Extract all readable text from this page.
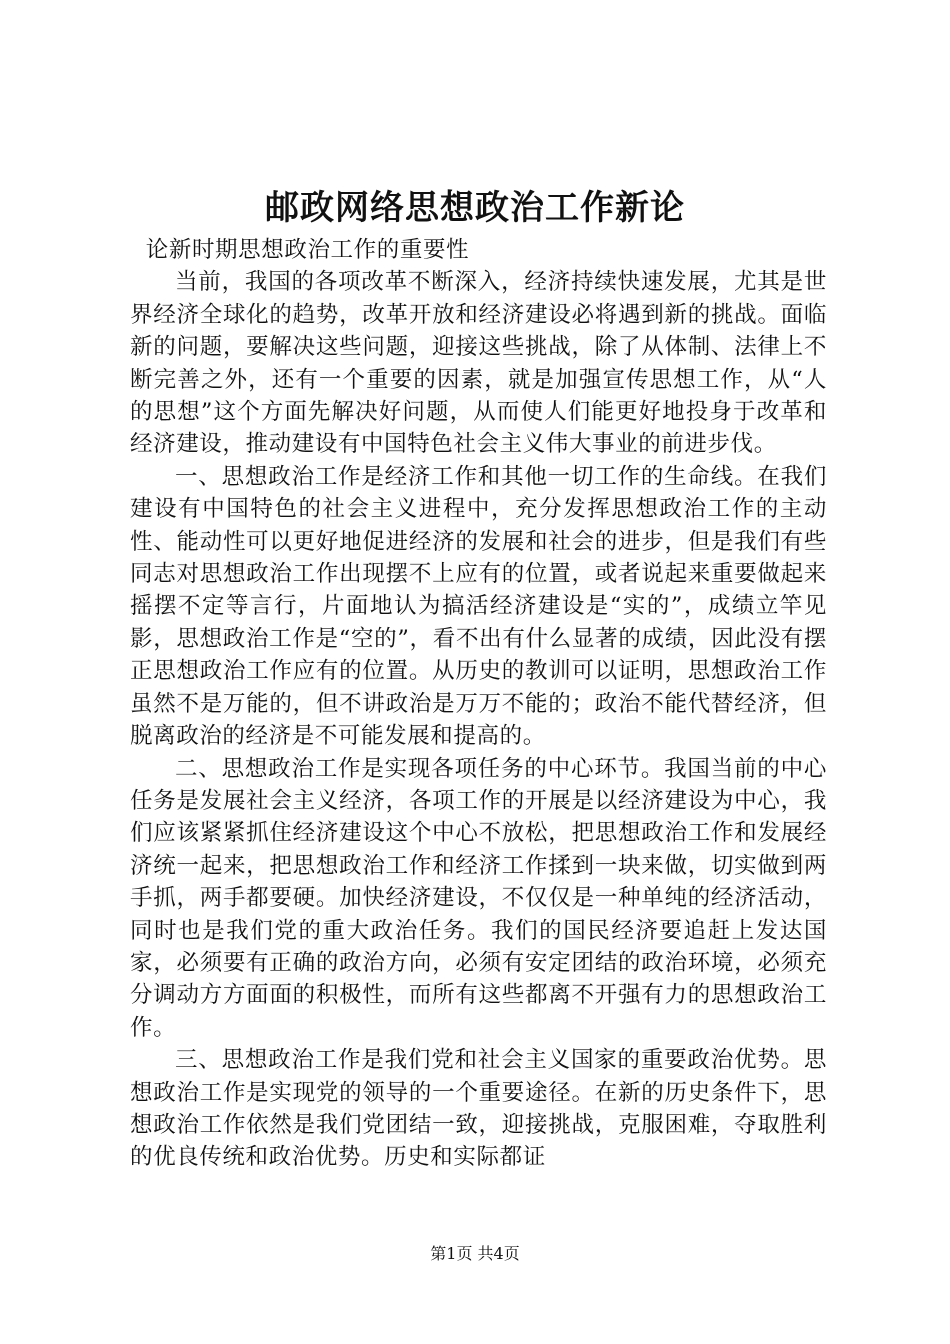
邮政网络思想政治工作新论

论新时期思想政治工作的重要性

当前，我国的各项改革不断深入，经济持续快速发展，尤其是世界经济全球化的趋势，改革开放和经济建设必将遇到新的挑战。面临新的问题，要解决这些问题，迎接这些挑战，除了从体制、法律上不断完善之外，还有一个重要的因素，就是加强宣传思想工作，从“人的思想”这个方面先解决好问题，从而使人们能更好地投身于改革和经济建设，推动建设有中国特色社会主义伟大事业的前进步伐。

一、思想政治工作是经济工作和其他一切工作的生命线。在我们建设有中国特色的社会主义进程中，充分发挥思想政治工作的主动性、能动性可以更好地促进经济的发展和社会的进步，但是我们有些同志对思想政治工作出现摆不上应有的位置，或者说起来重要做起来摇摆不定等言行，片面地认为搞活经济建设是“实的”，成绩立竿见影，思想政治工作是“空的”，看不出有什么显著的成绩，因此没有摆正思想政治工作应有的位置。从历史的教训可以证明，思想政治工作虽然不是万能的，但不讲政治是万万不能的；政治不能代替经济，但脱离政治的经济是不可能发展和提高的。

二、思想政治工作是实现各项任务的中心环节。我国当前的中心任务是发展社会主义经济，各项工作的开展是以经济建设为中心，我们应该紧紧抓住经济建设这个中心不放松，把思想政治工作和发展经济统一起来，把思想政治工作和经济工作揉到一块来做，切实做到两手抓，两手都要硬。加快经济建设，不仅仅是一种单纯的经济活动，同时也是我们党的重大政治任务。我们的国民经济要追赶上发达国家，必须要有正确的政治方向，必须有安定团结的政治环境，必须充分调动方方面面的积极性，而所有这些都离不开强有力的思想政治工作。

三、思想政治工作是我们党和社会主义国家的重要政治优势。思想政治工作是实现党的领导的一个重要途径。在新的历史条件下，思想政治工作依然是我们党团结一致，迎接挑战，克服困难，夺取胜利的优良传统和政治优势。历史和实际都证

第1页 共4页
